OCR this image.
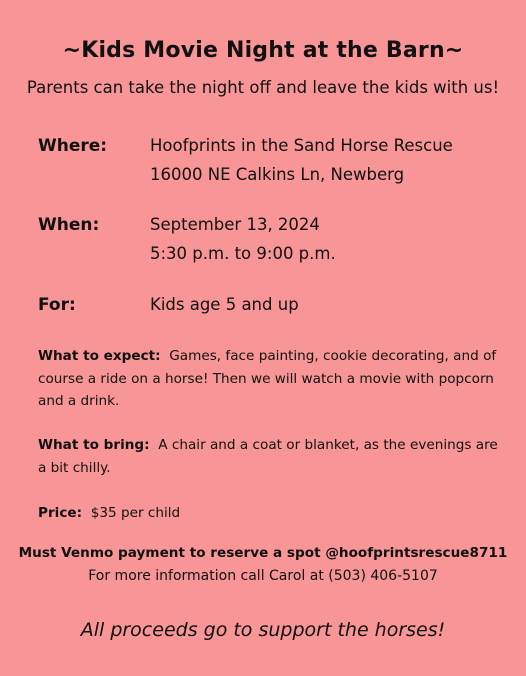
~Kids Movie Night at the Barn~
Parents can take the night off and leave the kids with us!
Where:	Hoofprints in the Sand Horse Rescue
16000 NE Calkins Ln, Newberg
When:	September 13, 2024
5:30 p.m. to 9:00 p.m.
For:	Kids age 5 and up
What to expect: Games, face painting, cookie decorating, and of course a ride on a horse! Then we will watch a movie with popcorn and a drink.
What to bring: A chair and a coat or blanket, as the evenings are a bit chilly.
Price: $35 per child
Must Venmo payment to reserve a spot @hoofprintsrescue8711
For more information call Carol at (503) 406-5107
All proceeds go to support the horses!
